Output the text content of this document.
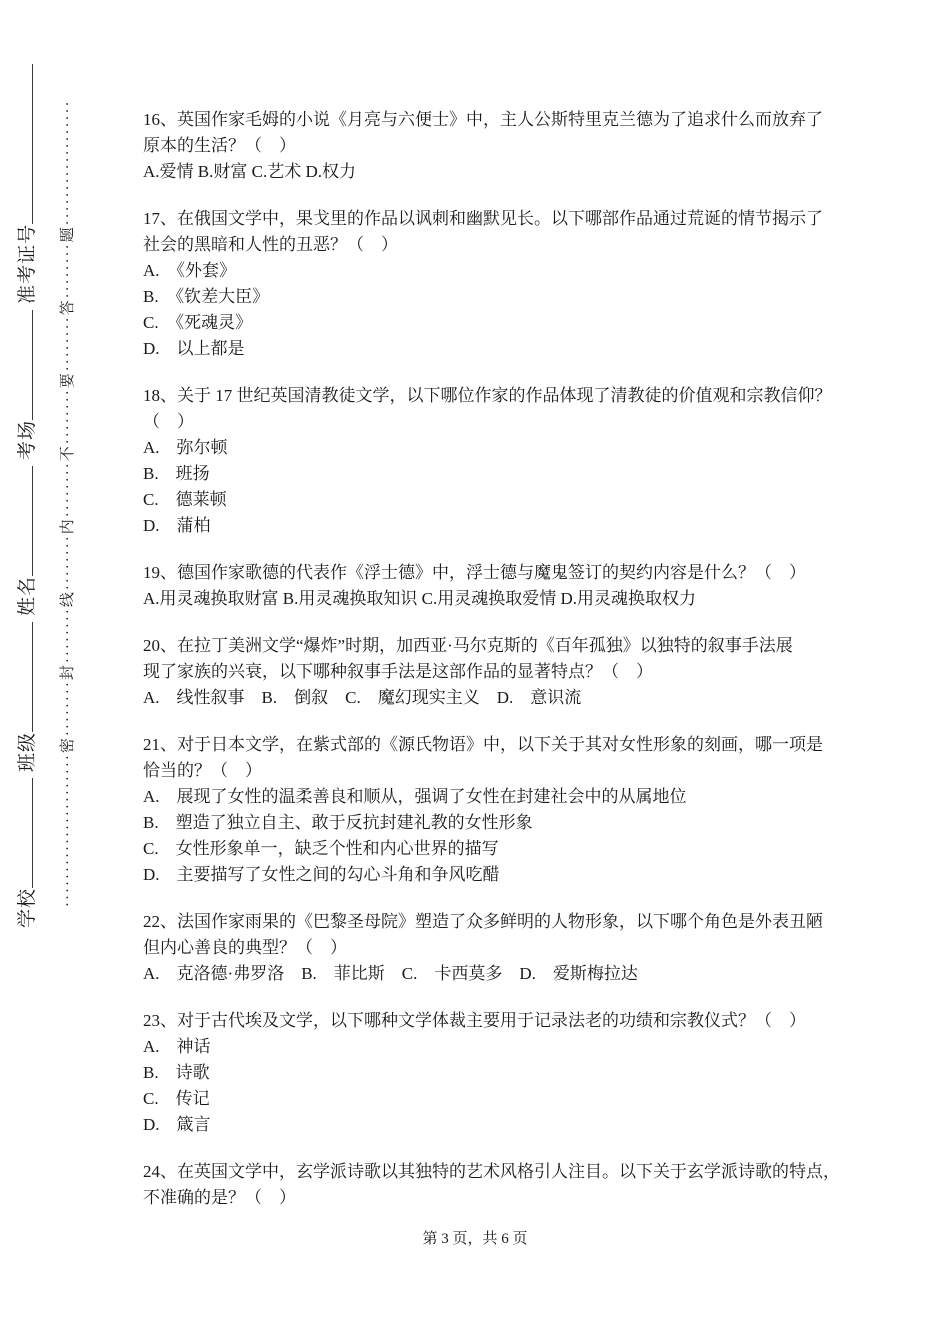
学校
班级
姓名
考场
准考证号 ······················密········封········线········内········不········要········答········题··················	16、英国作家毛姆的小说《月亮与六便士》中，主人公斯特里克兰德为了追求什么而放弃了
原本的生活？（　）
A.爱情 B.财富 C.艺术 D.权力
17、在俄国文学中，果戈里的作品以讽刺和幽默见长。以下哪部作品通过荒诞的情节揭示了
社会的黑暗和人性的丑恶？（　）
A.　《外套》
B.　《钦差大臣》
C.　《死魂灵》
D.　以上都是
18、关于 17 世纪英国清教徒文学，以下哪位作家的作品体现了清教徒的价值观和宗教信仰？
（　）
A.　弥尔顿
B.　班扬
C.　德莱顿
D.　蒲柏
19、德国作家歌德的代表作《浮士德》中，浮士德与魔鬼签订的契约内容是什么？（　）
A.用灵魂换取财富 B.用灵魂换取知识 C.用灵魂换取爱情 D.用灵魂换取权力
20、在拉丁美洲文学“爆炸”时期，加西亚·马尔克斯的《百年孤独》以独特的叙事手法展
现了家族的兴衰，以下哪种叙事手法是这部作品的显著特点？（　）
A.　线性叙事　B.　倒叙　C.　魔幻现实主义　D.　意识流
21、对于日本文学，在紫式部的《源氏物语》中，以下关于其对女性形象的刻画，哪一项是
恰当的？（　）
A.　展现了女性的温柔善良和顺从，强调了女性在封建社会中的从属地位
B.　塑造了独立自主、敢于反抗封建礼教的女性形象
C.　女性形象单一，缺乏个性和内心世界的描写
D.　主要描写了女性之间的勾心斗角和争风吃醋
22、法国作家雨果的《巴黎圣母院》塑造了众多鲜明的人物形象，以下哪个角色是外表丑陋
但内心善良的典型？（　）
A.　克洛德·弗罗洛　B.　菲比斯　C.　卡西莫多　D.　爱斯梅拉达
23、对于古代埃及文学，以下哪种文学体裁主要用于记录法老的功绩和宗教仪式？（　）
A.　神话
B.　诗歌
C.　传记
D.　箴言
24、在英国文学中，玄学派诗歌以其独特的艺术风格引人注目。以下关于玄学派诗歌的特点，
不准确的是？（　）
第 3 页，共 6 页
